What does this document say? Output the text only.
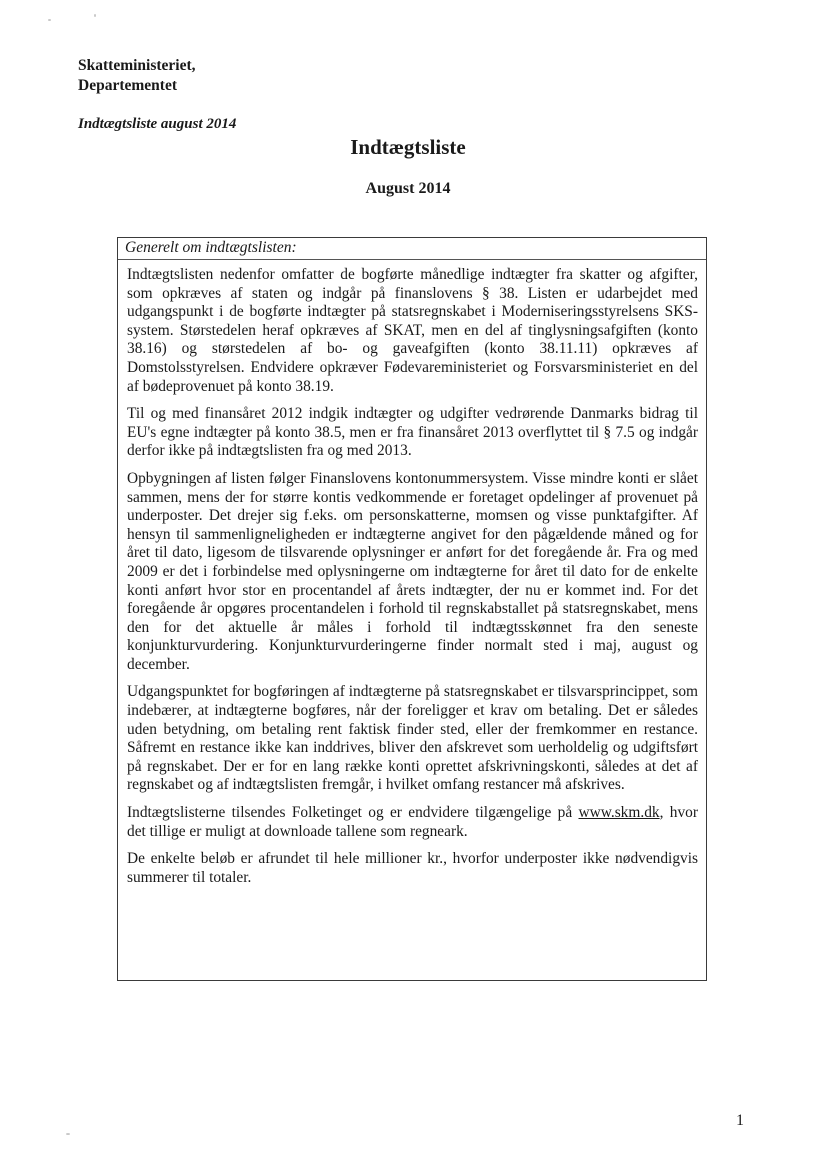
Skatteministeriet,
Departementet
Indtægtsliste august 2014
Indtægtsliste
August 2014
Generelt om indtægtslisten:

Indtægtslisten nedenfor omfatter de bogførte månedlige indtægter fra skatter og afgifter, som opkræves af staten og indgår på finanslovens § 38. Listen er udarbejdet med udgangspunkt i de bogførte indtægter på statsregnskabet i Moderniseringsstyrelsens SKS-system. Størstedelen heraf opkræves af SKAT, men en del af tinglysningsafgiften (konto 38.16) og størstedelen af bo- og gaveafgiften (konto 38.11.11) opkræves af Domstolsstyrelsen. Endvidere opkræver Fødevareministeriet og Forsvarsministeriet en del af bødeprovenuet på konto 38.19.

Til og med finansåret 2012 indgik indtægter og udgifter vedrørende Danmarks bidrag til EU's egne indtægter på konto 38.5, men er fra finansåret 2013 overflyttet til § 7.5 og indgår derfor ikke på indtægtslisten fra og med 2013.

Opbygningen af listen følger Finanslovens kontonummersystem. Visse mindre konti er slået sammen, mens der for større kontis vedkommende er foretaget opdelinger af provenuet på underposter. Det drejer sig f.eks. om personskatterne, momsen og visse punktafgifter. Af hensyn til sammenligneligheden er indtægterne angivet for den pågældende måned og for året til dato, ligesom de tilsvarende oplysninger er anført for det foregående år. Fra og med 2009 er det i forbindelse med oplysningerne om indtægterne for året til dato for de enkelte konti anført hvor stor en procentandel af årets indtægter, der nu er kommet ind. For det foregående år opgøres procentandelen i forhold til regnskabstallet på statsregnskabet, mens den for det aktuelle år måles i forhold til indtægtsskønnet fra den seneste konjunkturvurdering. Konjunkturvurderingerne finder normalt sted i maj, august og december.

Udgangspunktet for bogføringen af indtægterne på statsregnskabet er tilsvarsprincippet, som indebærer, at indtægterne bogføres, når der foreligger et krav om betaling. Det er således uden betydning, om betaling rent faktisk finder sted, eller der fremkommer en restance. Såfremt en restance ikke kan inddrives, bliver den afskrevet som uerholdelig og udgiftsført på regnskabet. Der er for en lang række konti oprettet afskrivningskonti, således at det af regnskabet og af indtægtslisten fremgår, i hvilket omfang restancer må afskrives.

Indtægtslisterne tilsendes Folketinget og er endvidere tilgængelige på www.skm.dk, hvor det tillige er muligt at downloade tallene som regneark.

De enkelte beløb er afrundet til hele millioner kr., hvorfor underposter ikke nødvendigvis summerer til totaler.

1
